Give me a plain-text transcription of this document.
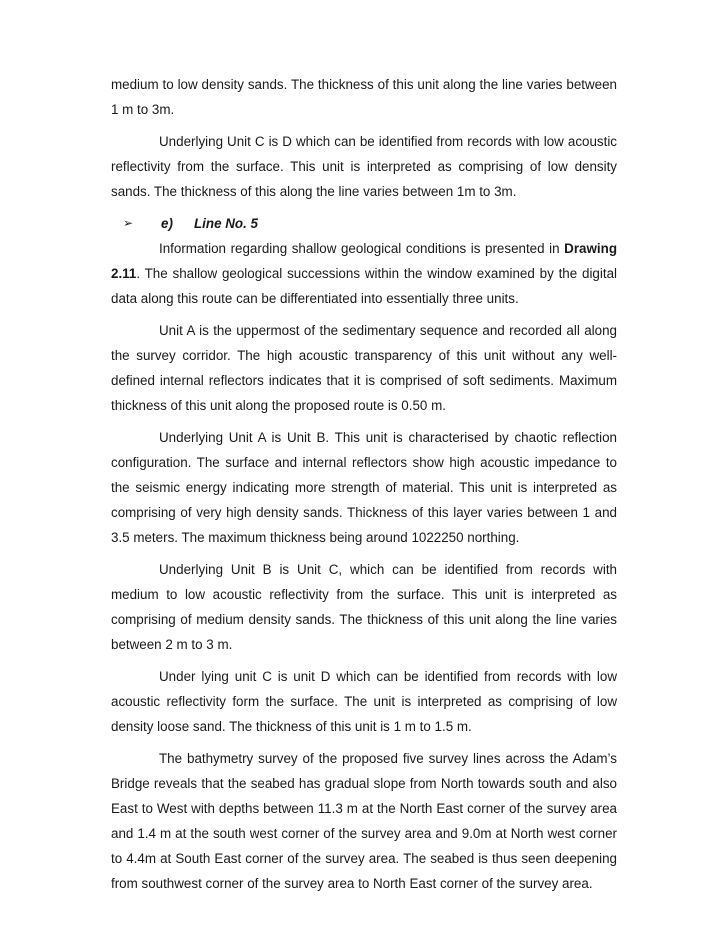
medium to low density sands. The thickness of this unit along the line varies between 1 m to 3m.

Underlying Unit C is D which can be identified from records with low acoustic reflectivity from the surface. This unit is interpreted as comprising of low density sands. The thickness of this along the line varies between 1m to 3m.

➢ e) Line No. 5

Information regarding shallow geological conditions is presented in Drawing 2.11. The shallow geological successions within the window examined by the digital data along this route can be differentiated into essentially three units.

Unit A is the uppermost of the sedimentary sequence and recorded all along the survey corridor. The high acoustic transparency of this unit without any well-defined internal reflectors indicates that it is comprised of soft sediments. Maximum thickness of this unit along the proposed route is 0.50 m.

Underlying Unit A is Unit B. This unit is characterised by chaotic reflection configuration. The surface and internal reflectors show high acoustic impedance to the seismic energy indicating more strength of material. This unit is interpreted as comprising of very high density sands. Thickness of this layer varies between 1 and 3.5 meters. The maximum thickness being around 1022250 northing.

Underlying Unit B is Unit C, which can be identified from records with medium to low acoustic reflectivity from the surface. This unit is interpreted as comprising of medium density sands. The thickness of this unit along the line varies between 2 m to 3 m.

Under lying unit C is unit D which can be identified from records with low acoustic reflectivity form the surface. The unit is interpreted as comprising of low density loose sand. The thickness of this unit is 1 m to 1.5 m.

The bathymetry survey of the proposed five survey lines across the Adam’s Bridge reveals that the seabed has gradual slope from North towards south and also East to West with depths between 11.3 m at the North East corner of the survey area and 1.4 m at the south west corner of the survey area and 9.0m at North west corner to 4.4m at South East corner of the survey area. The seabed is thus seen deepening from southwest corner of the survey area to North East corner of the survey area.
